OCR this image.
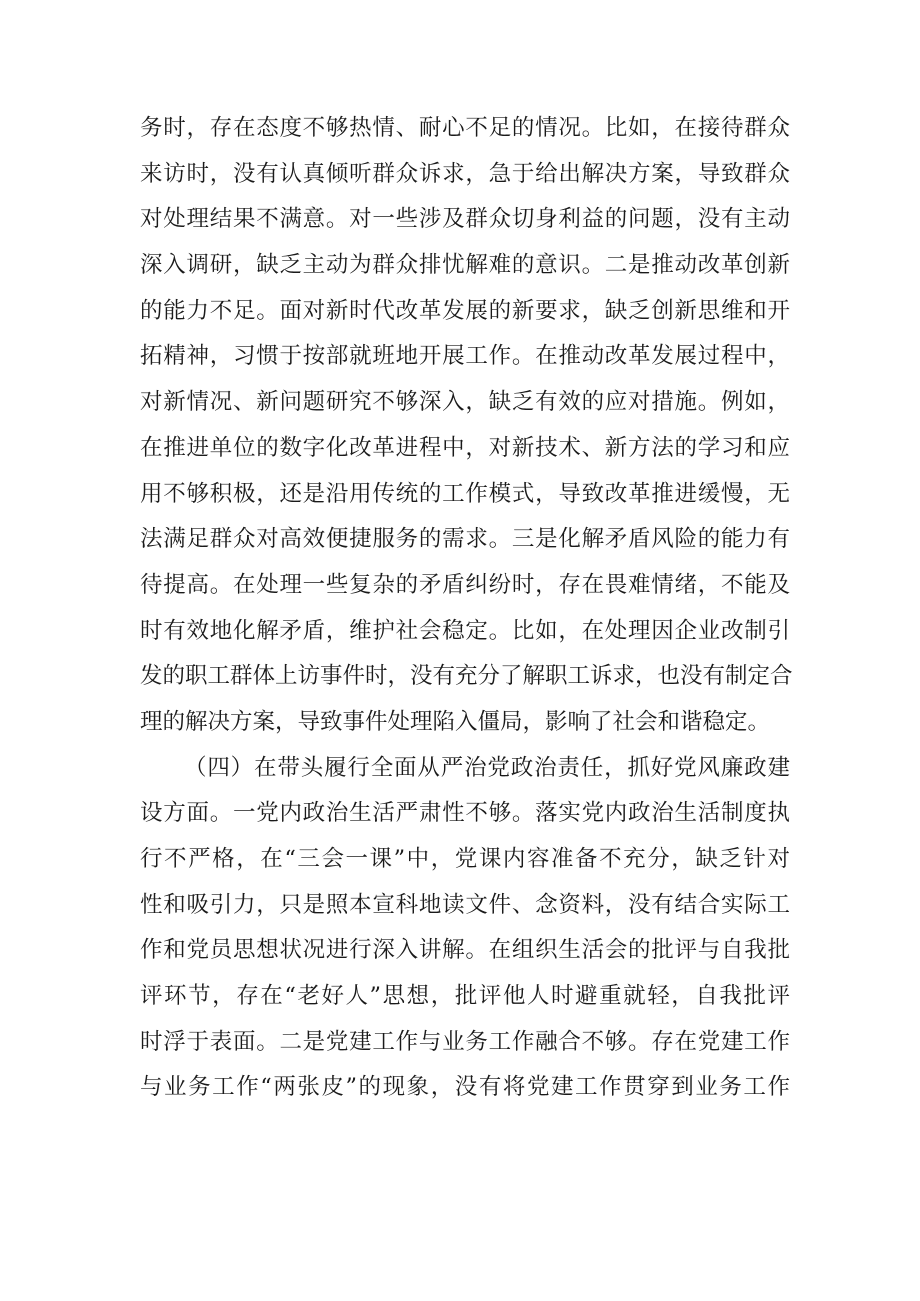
务时，存在态度不够热情、耐心不足的情况。比如，在接待群众
来访时，没有认真倾听群众诉求，急于给出解决方案，导致群众
对处理结果不满意。对一些涉及群众切身利益的问题，没有主动
深入调研，缺乏主动为群众排忧解难的意识。二是推动改革创新
的能力不足。面对新时代改革发展的新要求，缺乏创新思维和开
拓精神，习惯于按部就班地开展工作。在推动改革发展过程中，
对新情况、新问题研究不够深入，缺乏有效的应对措施。例如，
在推进单位的数字化改革进程中，对新技术、新方法的学习和应
用不够积极，还是沿用传统的工作模式，导致改革推进缓慢，无
法满足群众对高效便捷服务的需求。三是化解矛盾风险的能力有
待提高。在处理一些复杂的矛盾纠纷时，存在畏难情绪，不能及
时有效地化解矛盾，维护社会稳定。比如，在处理因企业改制引
发的职工群体上访事件时，没有充分了解职工诉求，也没有制定合
理的解决方案，导致事件处理陷入僵局，影响了社会和谐稳定。
（四）在带头履行全面从严治党政治责任，抓好党风廉政建
设方面。一党内政治生活严肃性不够。落实党内政治生活制度执
行不严格，在“三会一课”中，党课内容准备不充分，缺乏针对
性和吸引力，只是照本宣科地读文件、念资料，没有结合实际工
作和党员思想状况进行深入讲解。在组织生活会的批评与自我批
评环节，存在“老好人”思想，批评他人时避重就轻，自我批评
时浮于表面。二是党建工作与业务工作融合不够。存在党建工作
与业务工作“两张皮”的现象，没有将党建工作贯穿到业务工作
